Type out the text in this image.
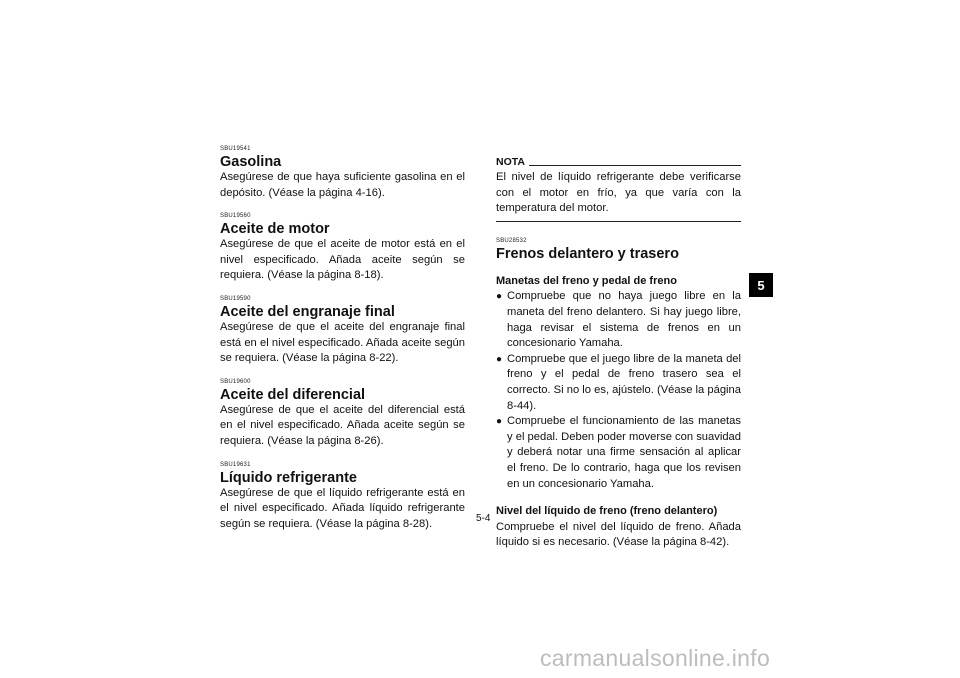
SBU19541

Gasolina

Asegúrese de que haya suficiente gasolina en el depósito. (Véase la página 4-16).

SBU19560

Aceite de motor

Asegúrese de que el aceite de motor está en el nivel especificado. Añada aceite según se requiera. (Véase la página 8-18).

SBU19590

Aceite del engranaje final

Asegúrese de que el aceite del engranaje final está en el nivel especificado. Añada aceite según se requiera. (Véase la página 8-22).

SBU19600

Aceite del diferencial

Asegúrese de que el aceite del diferencial está en el nivel especificado. Añada aceite según se requiera. (Véase la página 8-26).

SBU19631

Líquido refrigerante

Asegúrese de que el líquido refrigerante está en el nivel especificado. Añada líquido refrigerante según se requiera. (Véase la página 8-28).

NOTA

El nivel de líquido refrigerante debe verificarse con el motor en frío, ya que varía con la temperatura del motor.

SBU28532

Frenos delantero y trasero

Manetas del freno y pedal de freno

● Compruebe que no haya juego libre en la maneta del freno delantero. Si hay juego libre, haga revisar el sistema de frenos en un concesionario Yamaha.
● Compruebe que el juego libre de la maneta del freno y el pedal de freno trasero sea el correcto. Si no lo es, ajústelo. (Véase la página 8-44).
● Compruebe el funcionamiento de las manetas y el pedal. Deben poder moverse con suavidad y deberá notar una firme sensación al aplicar el freno. De lo contrario, haga que los revisen en un concesionario Yamaha.

Nivel del líquido de freno (freno delantero)

Compruebe el nivel del líquido de freno. Añada líquido si es necesario. (Véase la página 8-42).

5
5-4
carmanualsonline.info
